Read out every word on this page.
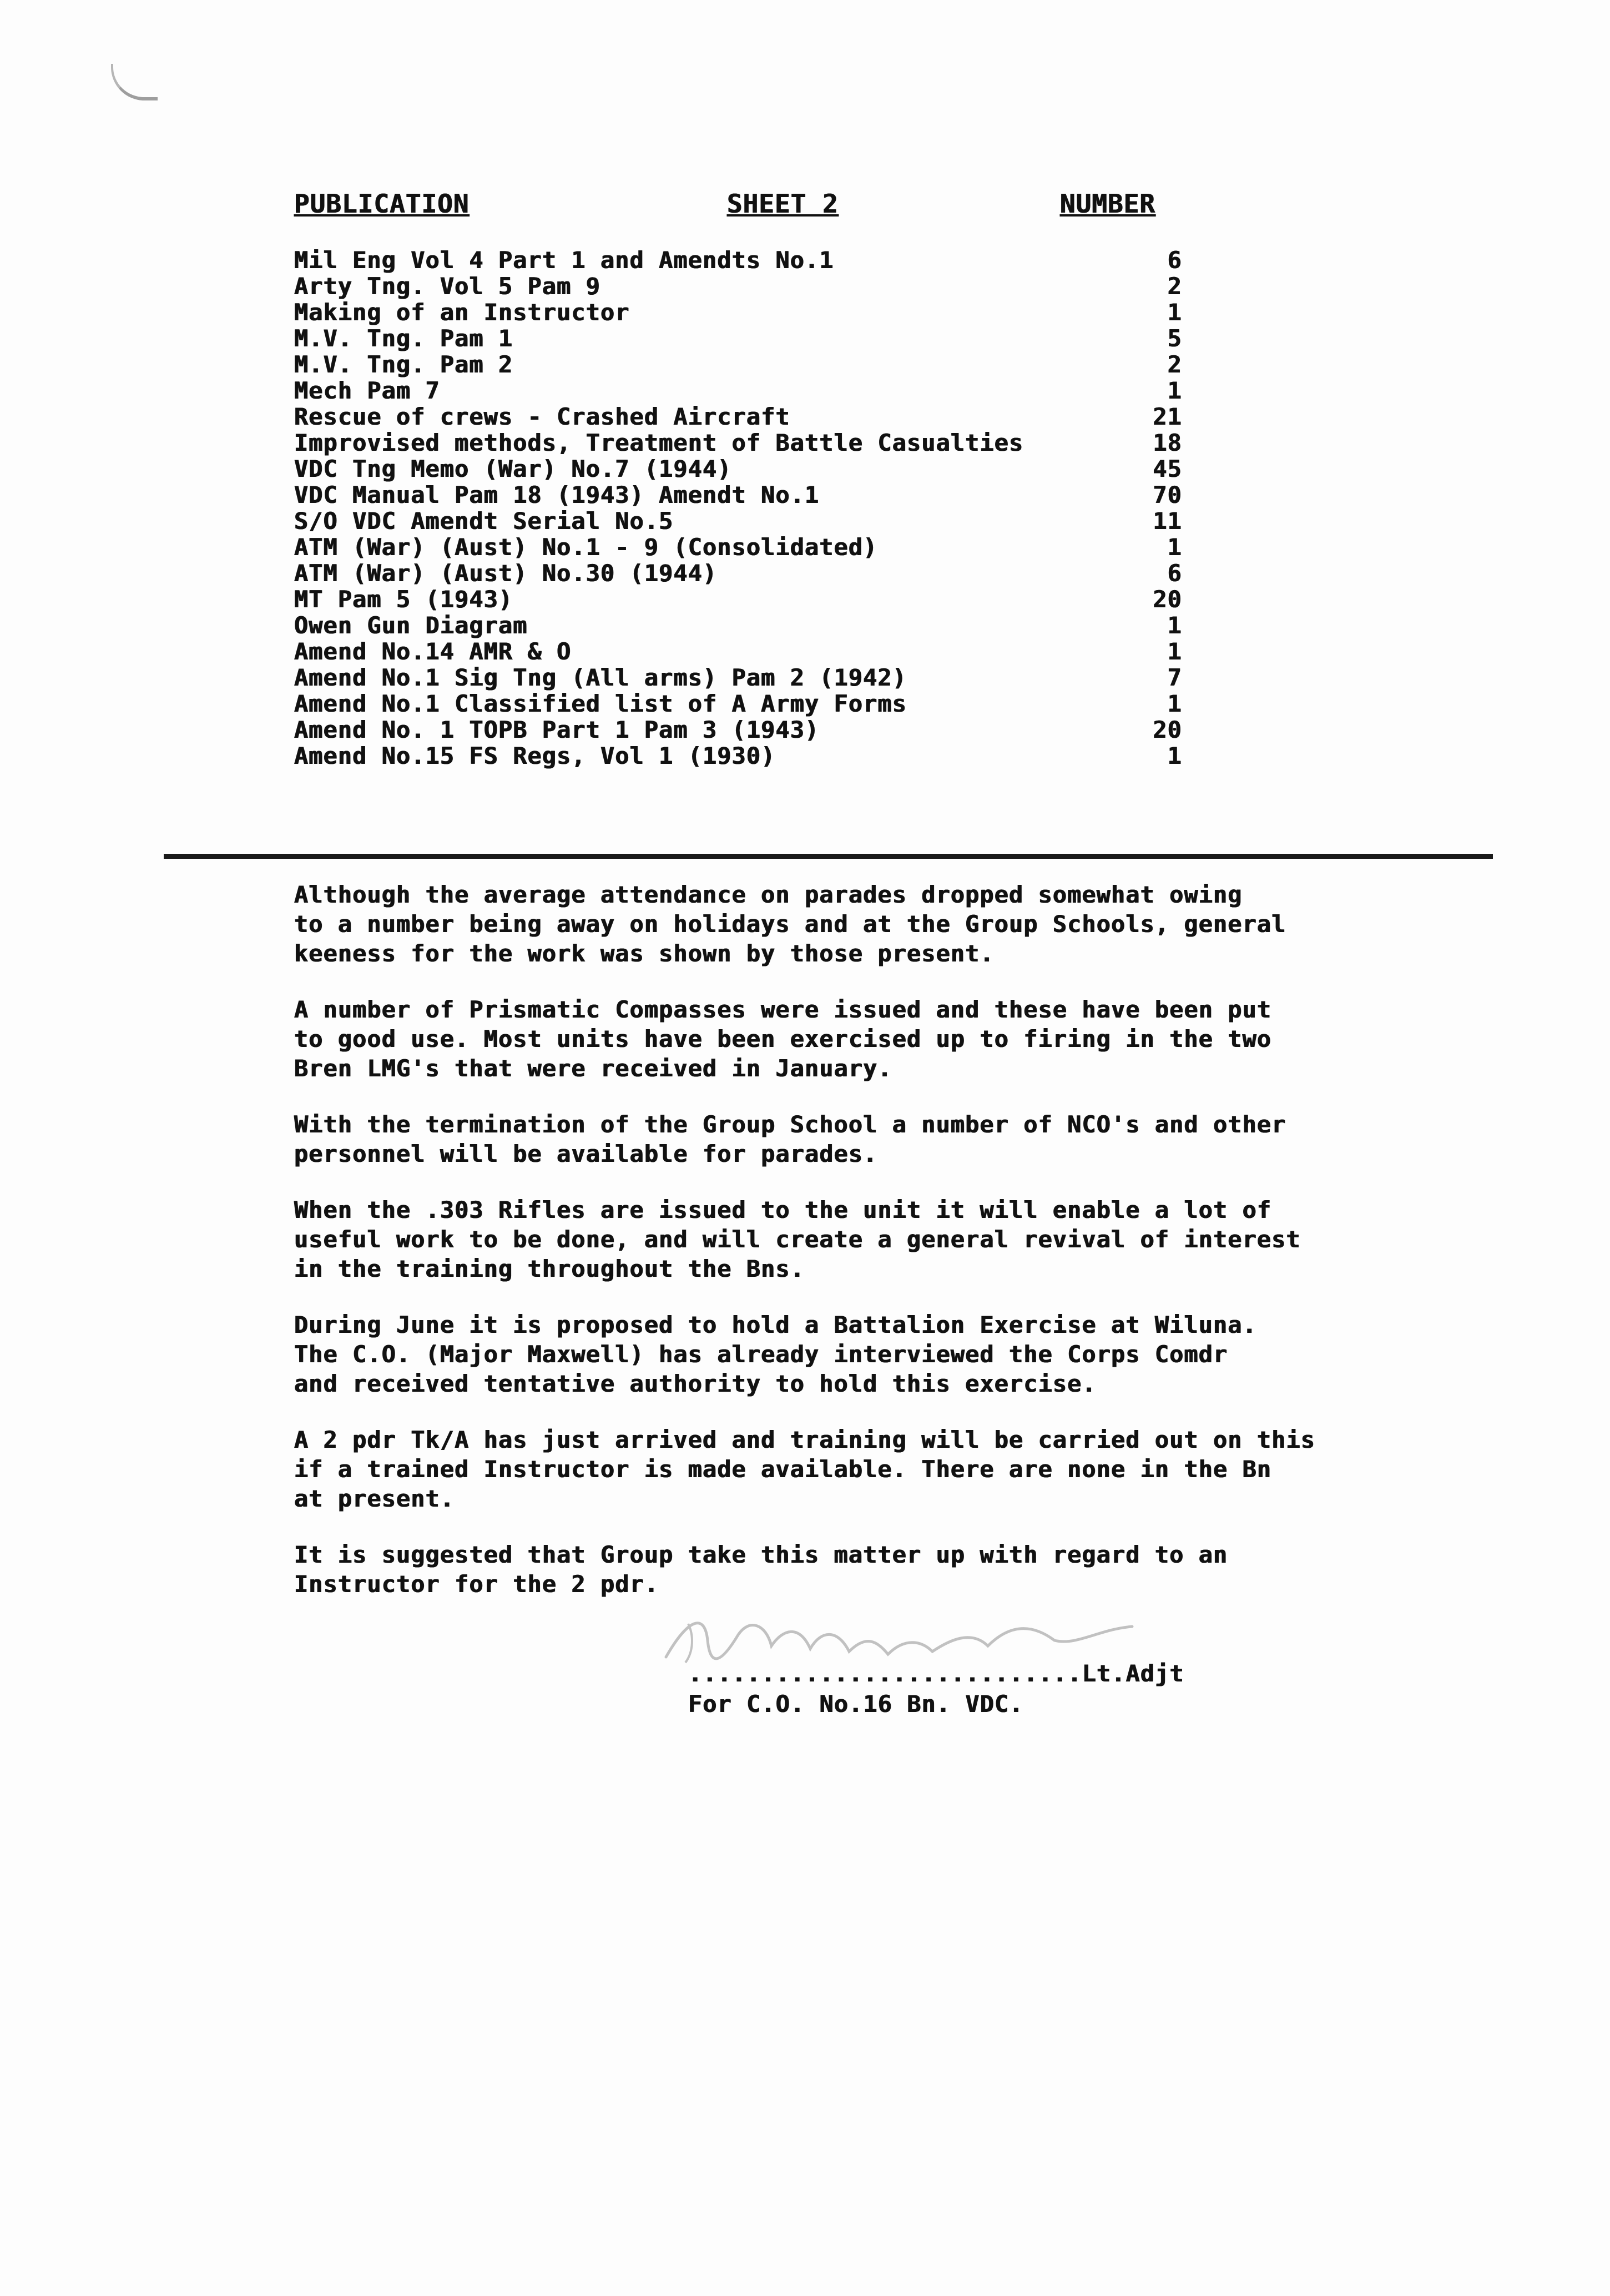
PUBLICATION	SHEET 2	NUMBER
Mil Eng Vol 4 Part 1 and Amendts No.1	6
Arty Tng. Vol 5 Pam 9	2
Making of an Instructor	1
M.V. Tng. Pam 1	5
M.V. Tng. Pam 2	2
Mech Pam 7	1
Rescue of crews - Crashed Aircraft	21
Improvised methods, Treatment of Battle Casualties	18
VDC Tng Memo (War) No.7 (1944)	45
VDC Manual Pam 18 (1943) Amendt No.1	70
S/O VDC Amendt Serial No.5	11
ATM (War) (Aust) No.1 - 9 (Consolidated)	1
ATM (War) (Aust) No.30 (1944)	6
MT Pam 5 (1943)	20
Owen Gun Diagram	1
Amend No.14 AMR & O	1
Amend No.1 Sig Tng (All arms) Pam 2 (1942)	7
Amend No.1 Classified list of A Army Forms	1
Amend No. 1 TOPB Part 1 Pam 3 (1943)	20
Amend No.15 FS Regs, Vol 1 (1930)	1

Although the average attendance on parades dropped somewhat owing
to a number being away on holidays and at the Group Schools, general
keeness for the work was shown by those present.

A number of Prismatic Compasses were issued and these have been put
to good use. Most units have been exercised up to firing in the two
Bren LMG's that were received in January.

With the termination of the Group School a number of NCO's and other
personnel will be available for parades.

When the .303 Rifles are issued to the unit it will enable a lot of
useful work to be done, and will create a general revival of interest
in the training throughout the Bns.

During June it is proposed to hold a Battalion Exercise at Wiluna.
The C.O. (Major Maxwell) has already interviewed the Corps Comdr
and received tentative authority to hold this exercise.

A 2 pdr Tk/A has just arrived and training will be carried out on this
if a trained Instructor is made available. There are none in the Bn
at present.

It is suggested that Group take this matter up with regard to an
Instructor for the 2 pdr.

...........................Lt.Adjt
For C.O. No.16 Bn. VDC.
